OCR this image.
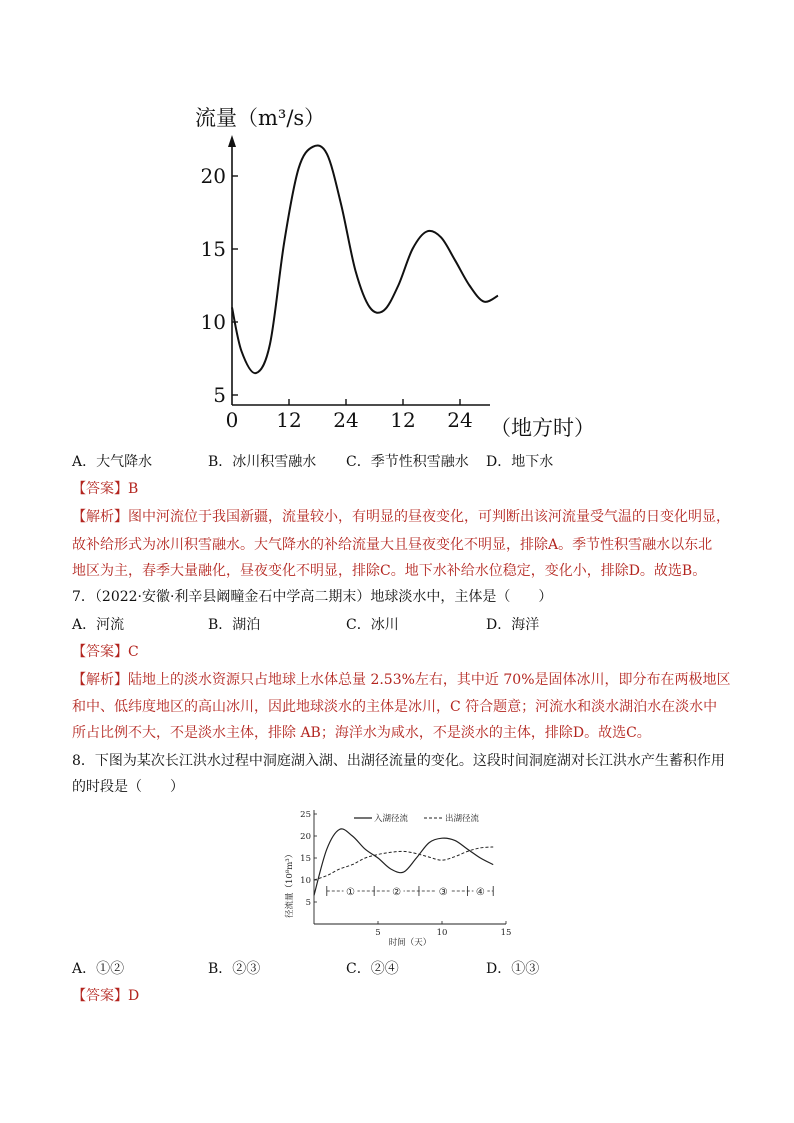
流量（m³/s）
5
10
15
20
0 12 24 12 24 （地方时）
A．大气降水	B．冰川积雪融水 C．季节性积雪融水 D．地下水
【答案】B
【解析】图中河流位于我国新疆，流量较小，有明显的昼夜变化，可判断出该河流量受气温的日变化明显，
故补给形式为冰川积雪融水。大气降水的补给流量大且昼夜变化不明显，排除A。季节性积雪融水以东北
地区为主，春季大量融化，昼夜变化不明显，排除C。地下水补给水位稳定，变化小，排除D。故选B。
7．（2022·安徽·利辛县阚疃金石中学高二期末）地球淡水中，主体是（　　）
A．河流	B．湖泊	C．冰川	D．海洋
【答案】C
【解析】陆地上的淡水资源只占地球上水体总量 2.53%左右，其中近 70%是固体冰川，即分布在两极地区
和中、低纬度地区的高山冰川，因此地球淡水的主体是冰川，C 符合题意；河流水和淡水湖泊水在淡水中
所占比例不大，不是淡水主体，排除 AB；海洋水为咸水，不是淡水的主体，排除D。故选C。
8．下图为某次长江洪水过程中洞庭湖入湖、出湖径流量的变化。这段时间洞庭湖对长江洪水产生蓄积作用
的时段是（　　）
5
10
15
20
25
5	10	15
径流量（10⁸m³）
时间（天）
入湖径流	出湖径流
①	②	③	④
A．①②	B．②③	C．②④	D．①③
【答案】D
